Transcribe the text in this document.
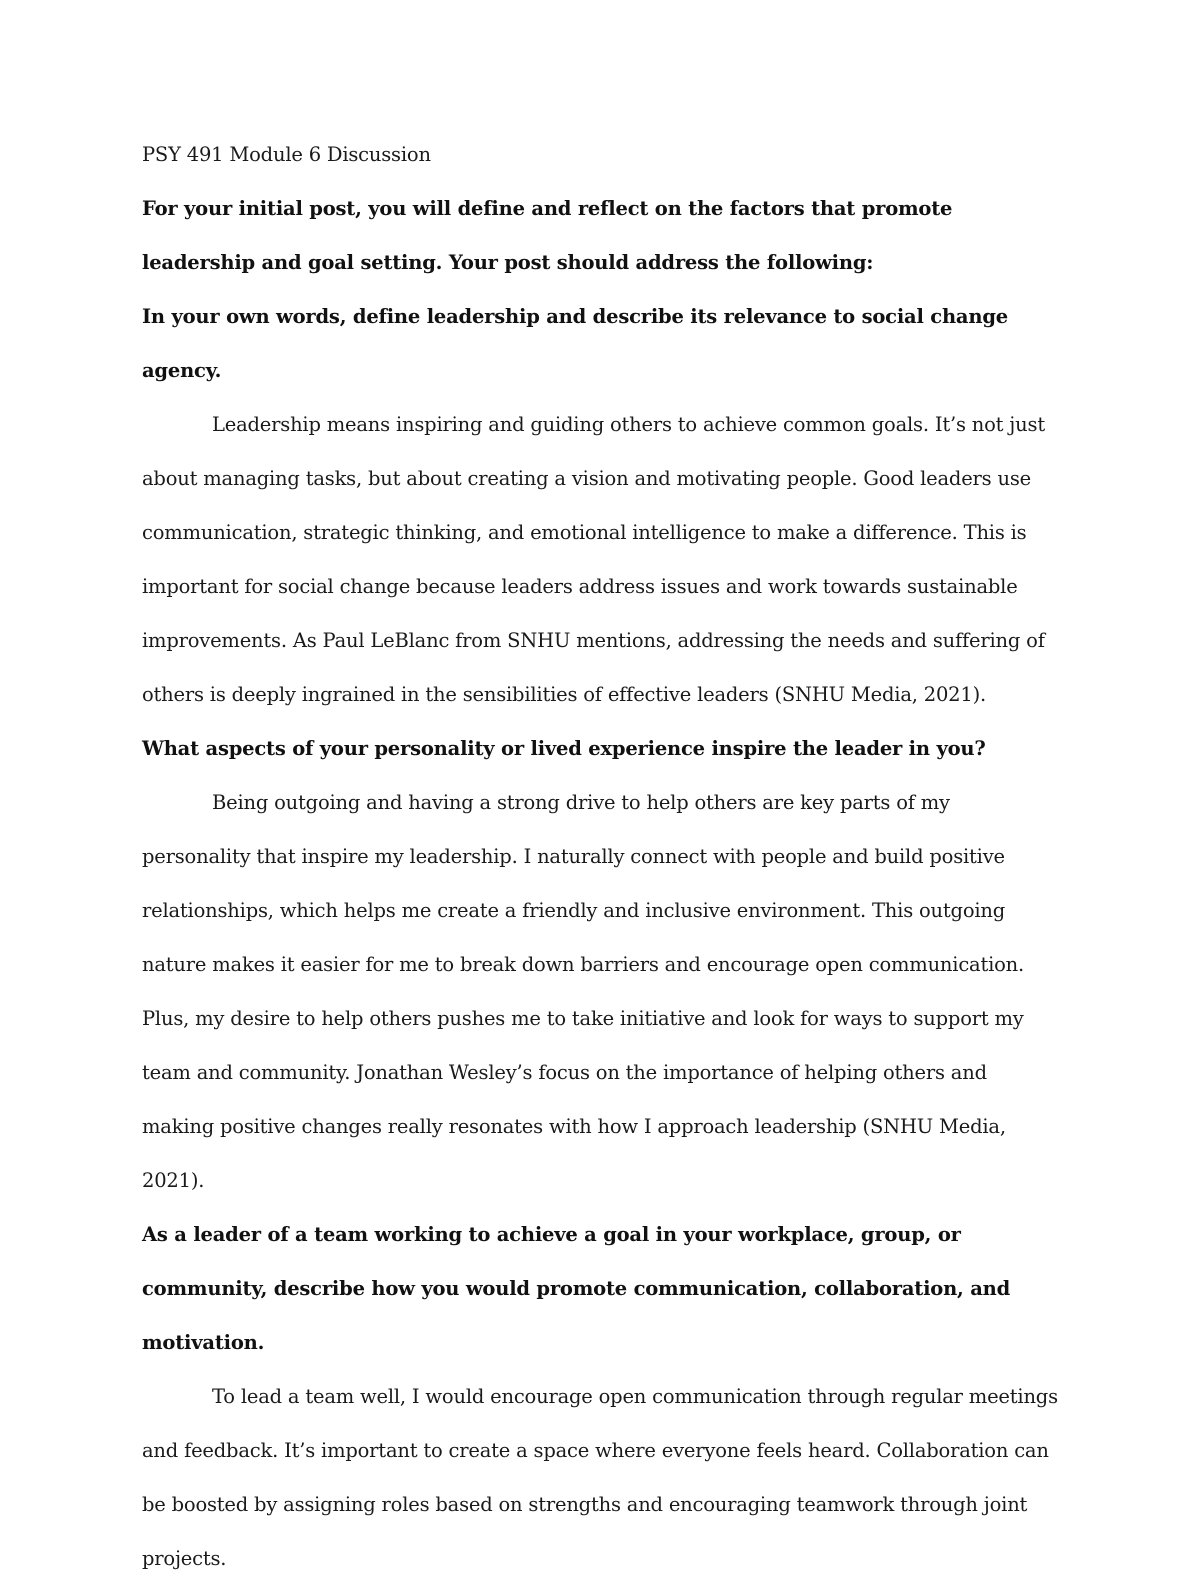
PSY 491 Module 6 Discussion

For your initial post, you will define and reflect on the factors that promote leadership and goal setting. Your post should address the following:

In your own words, define leadership and describe its relevance to social change agency.

Leadership means inspiring and guiding others to achieve common goals. It’s not just about managing tasks, but about creating a vision and motivating people. Good leaders use communication, strategic thinking, and emotional intelligence to make a difference. This is important for social change because leaders address issues and work towards sustainable improvements. As Paul LeBlanc from SNHU mentions, addressing the needs and suffering of others is deeply ingrained in the sensibilities of effective leaders (SNHU Media, 2021).

What aspects of your personality or lived experience inspire the leader in you?

Being outgoing and having a strong drive to help others are key parts of my personality that inspire my leadership. I naturally connect with people and build positive relationships, which helps me create a friendly and inclusive environment. This outgoing nature makes it easier for me to break down barriers and encourage open communication. Plus, my desire to help others pushes me to take initiative and look for ways to support my team and community. Jonathan Wesley’s focus on the importance of helping others and making positive changes really resonates with how I approach leadership (SNHU Media, 2021).

As a leader of a team working to achieve a goal in your workplace, group, or community, describe how you would promote communication, collaboration, and motivation.

To lead a team well, I would encourage open communication through regular meetings and feedback. It’s important to create a space where everyone feels heard. Collaboration can be boosted by assigning roles based on strengths and encouraging teamwork through joint projects.
